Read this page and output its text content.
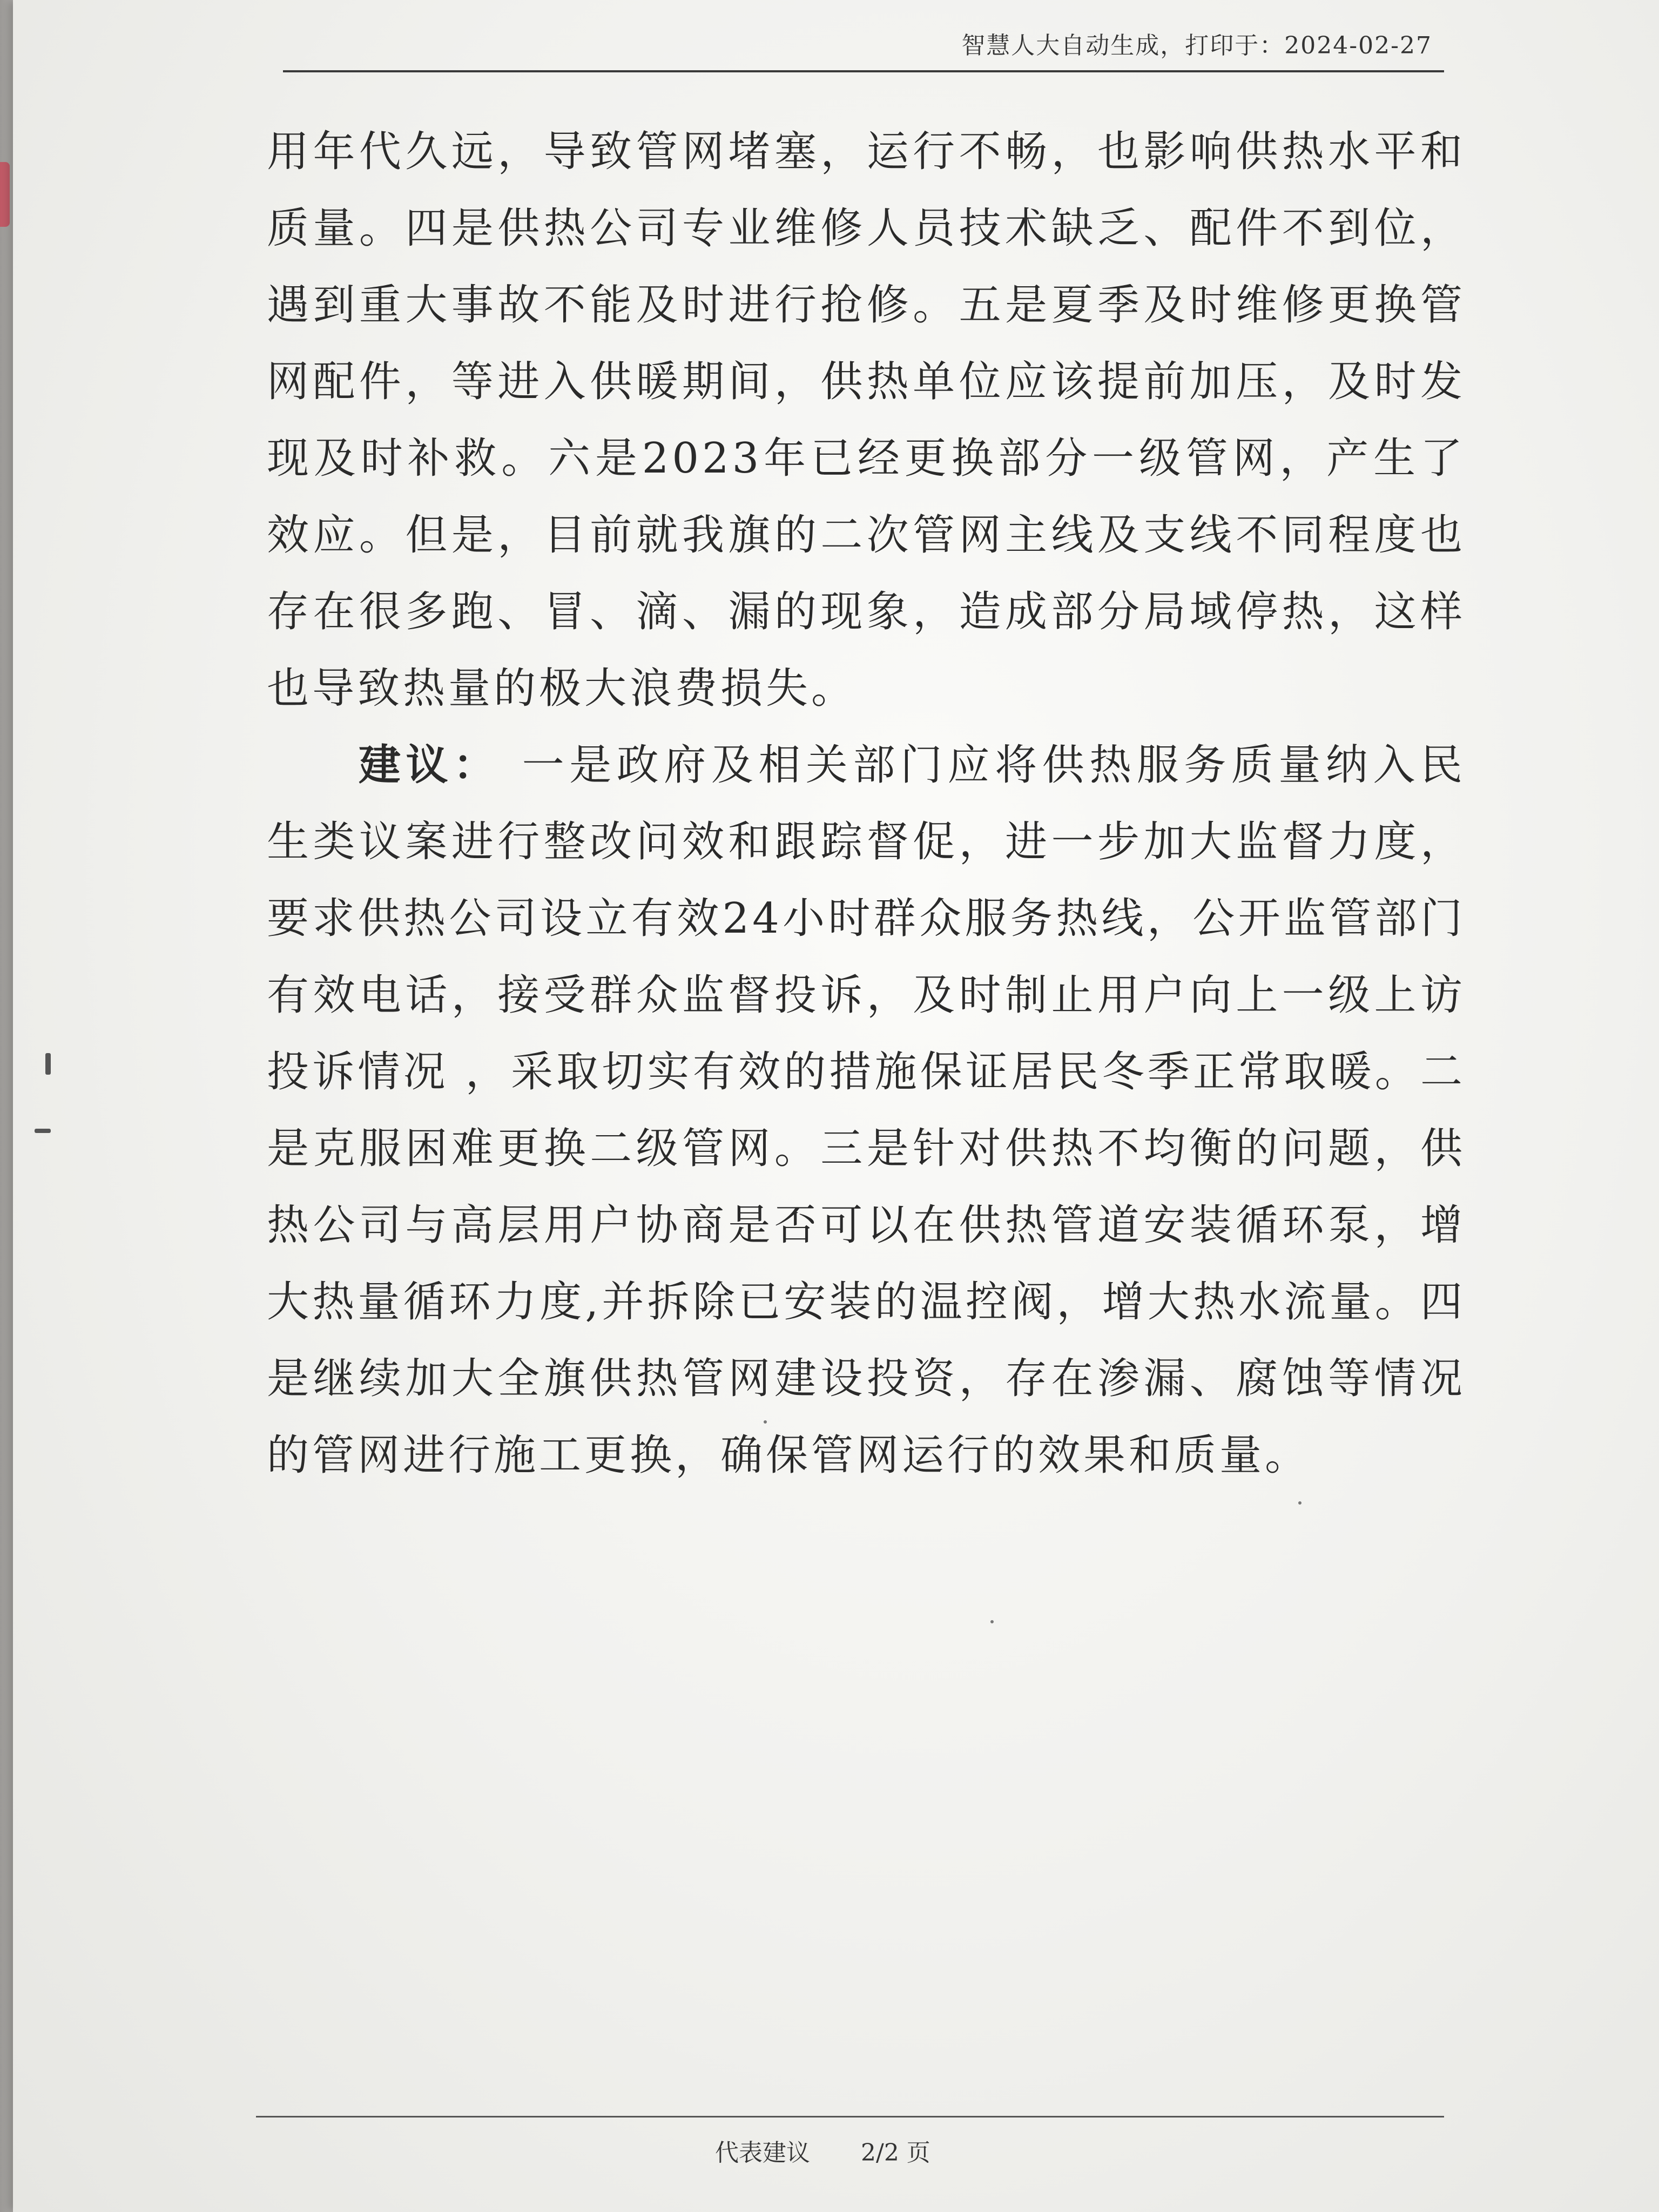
智慧人大自动生成，打印于：2024-02-27

用年代久远，导致管网堵塞，运行不畅，也影响供热水平和质量。四是供热公司专业维修人员技术缺乏、配件不到位，遇到重大事故不能及时进行抢修。五是夏季及时维修更换管网配件，等进入供暖期间，供热单位应该提前加压，及时发现及时补救。六是2023年已经更换部分一级管网，产生了效应。但是，目前就我旗的二次管网主线及支线不同程度也存在很多跑、冒、滴、漏的现象，造成部分局域停热，这样也导致热量的极大浪费损失。

建议： 一是政府及相关部门应将供热服务质量纳入民生类议案进行整改问效和跟踪督促，进一步加大监督力度，要求供热公司设立有效24小时群众服务热线，公开监管部门有效电话，接受群众监督投诉，及时制止用户向上一级上访投诉情况 ，采取切实有效的措施保证居民冬季正常取暖。二是克服困难更换二级管网。三是针对供热不均衡的问题，供热公司与高层用户协商是否可以在供热管道安装循环泵，增大热量循环力度,并拆除已安装的温控阀，增大热水流量。四是继续加大全旗供热管网建设投资，存在渗漏、腐蚀等情况的管网进行施工更换，确保管网运行的效果和质量。

代表建议 2/2 页
